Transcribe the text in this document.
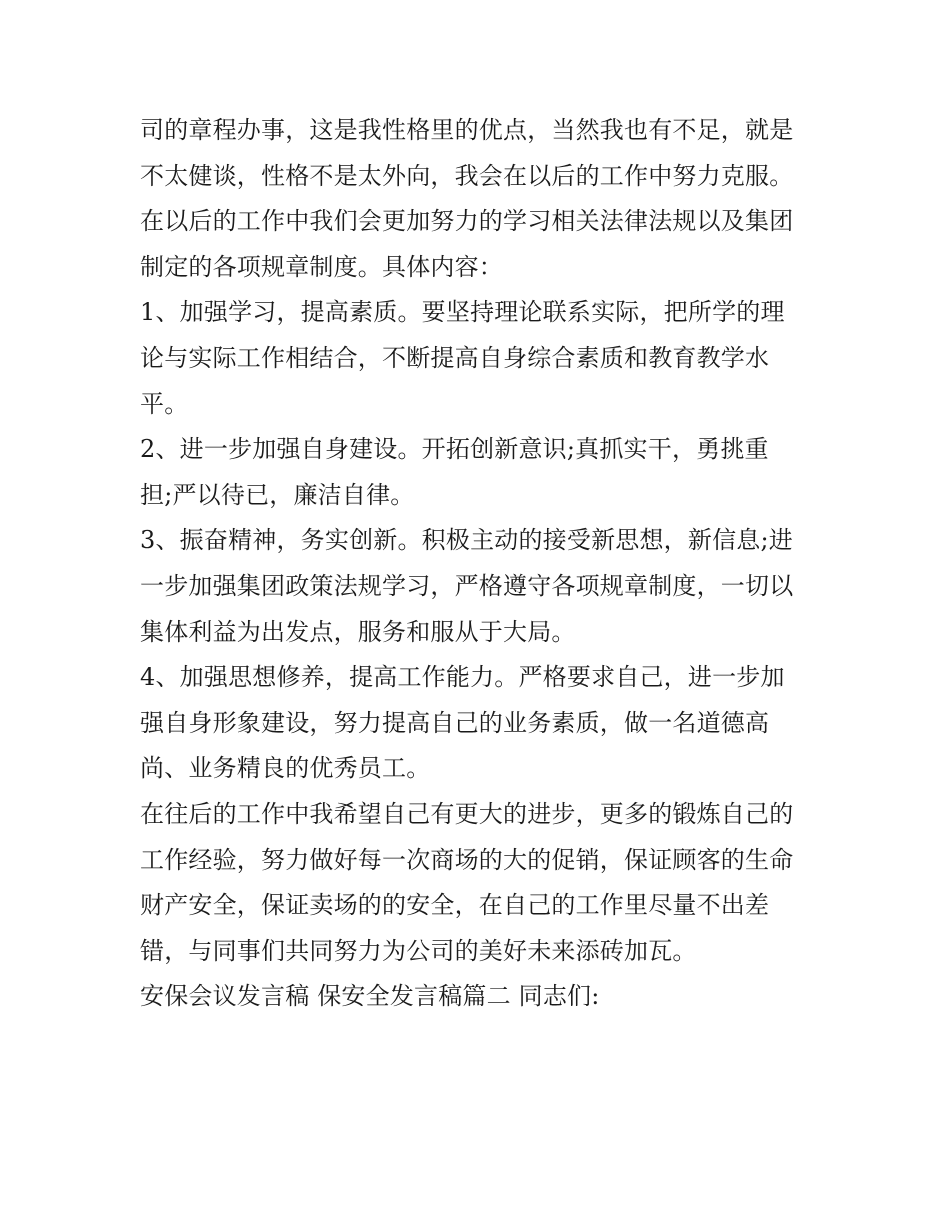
司的章程办事，这是我性格里的优点，当然我也有不足，就是
不太健谈，性格不是太外向，我会在以后的工作中努力克服。
在以后的工作中我们会更加努力的学习相关法律法规以及集团
制定的各项规章制度。具体内容：
1、加强学习，提高素质。要坚持理论联系实际，把所学的理
论与实际工作相结合，不断提高自身综合素质和教育教学水
平。
2、进一步加强自身建设。开拓创新意识;真抓实干，勇挑重
担;严以待已，廉洁自律。
3、振奋精神，务实创新。积极主动的接受新思想，新信息;进
一步加强集团政策法规学习，严格遵守各项规章制度，一切以
集体利益为出发点，服务和服从于大局。
4、加强思想修养，提高工作能力。严格要求自己，进一步加
强自身形象建设，努力提高自己的业务素质，做一名道德高
尚、业务精良的优秀员工。
在往后的工作中我希望自己有更大的进步，更多的锻炼自己的
工作经验，努力做好每一次商场的大的促销，保证顾客的生命
财产安全，保证卖场的的安全，在自己的工作里尽量不出差
错，与同事们共同努力为公司的美好未来添砖加瓦。
安保会议发言稿 保安全发言稿篇二 同志们:
